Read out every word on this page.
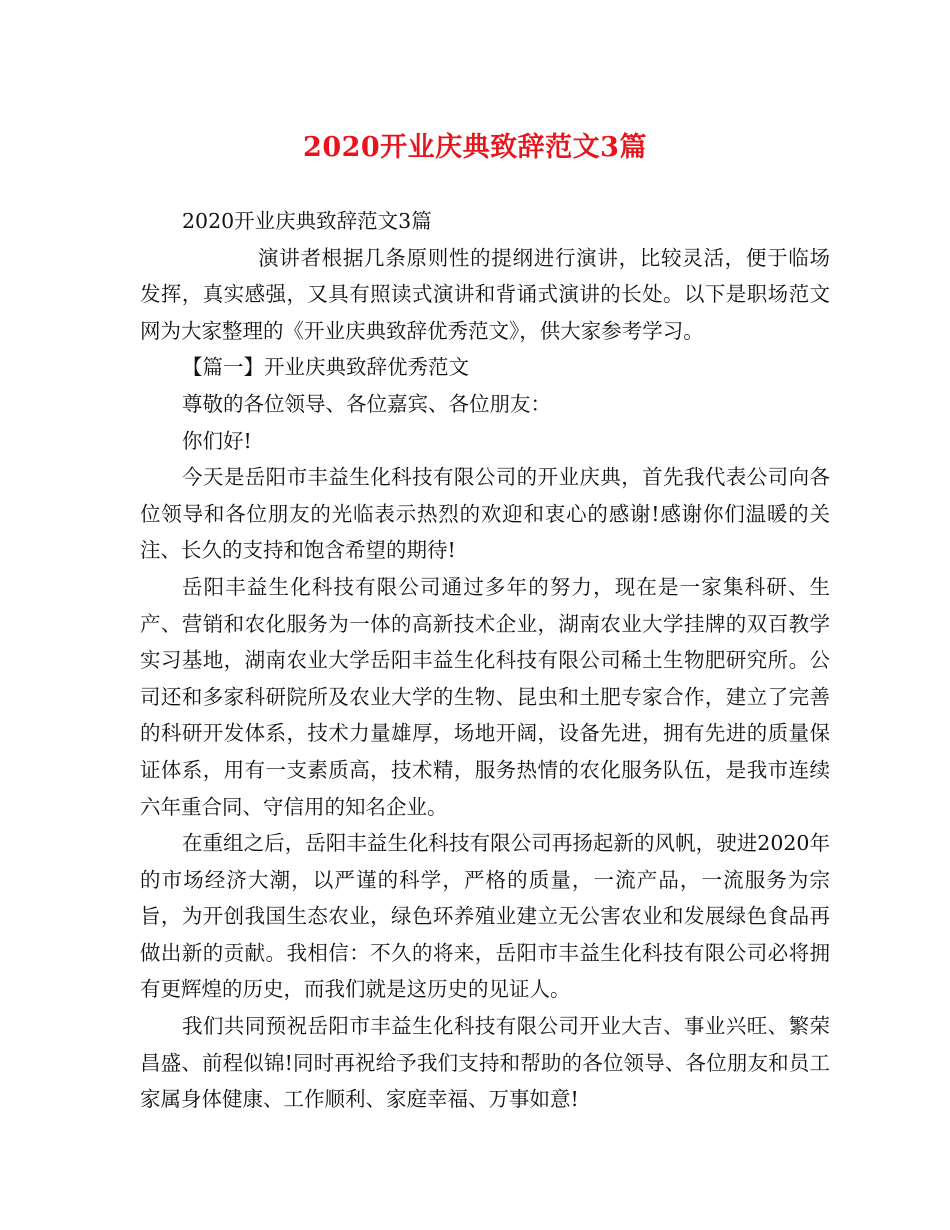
2020开业庆典致辞范文3篇

2020开业庆典致辞范文3篇

演讲者根据几条原则性的提纲进行演讲，比较灵活，便于临场发挥，真实感强，又具有照读式演讲和背诵式演讲的长处。以下是职场范文网为大家整理的《开业庆典致辞优秀范文》，供大家参考学习。

【篇一】开业庆典致辞优秀范文

尊敬的各位领导、各位嘉宾、各位朋友：

你们好!

今天是岳阳市丰益生化科技有限公司的开业庆典，首先我代表公司向各位领导和各位朋友的光临表示热烈的欢迎和衷心的感谢!感谢你们温暖的关注、长久的支持和饱含希望的期待!

岳阳丰益生化科技有限公司通过多年的努力，现在是一家集科研、生产、营销和农化服务为一体的高新技术企业，湖南农业大学挂牌的双百教学实习基地，湖南农业大学岳阳丰益生化科技有限公司稀土生物肥研究所。公司还和多家科研院所及农业大学的生物、昆虫和土肥专家合作，建立了完善的科研开发体系，技术力量雄厚，场地开阔，设备先进，拥有先进的质量保证体系，用有一支素质高，技术精，服务热情的农化服务队伍，是我市连续六年重合同、守信用的知名企业。

在重组之后，岳阳丰益生化科技有限公司再扬起新的风帆，驶进2020年的市场经济大潮，以严谨的科学，严格的质量，一流产品，一流服务为宗旨，为开创我国生态农业，绿色环养殖业建立无公害农业和发展绿色食品再做出新的贡献。我相信：不久的将来，岳阳市丰益生化科技有限公司必将拥有更辉煌的历史，而我们就是这历史的见证人。

我们共同预祝岳阳市丰益生化科技有限公司开业大吉、事业兴旺、繁荣昌盛、前程似锦!同时再祝给予我们支持和帮助的各位领导、各位朋友和员工家属身体健康、工作顺利、家庭幸福、万事如意!
